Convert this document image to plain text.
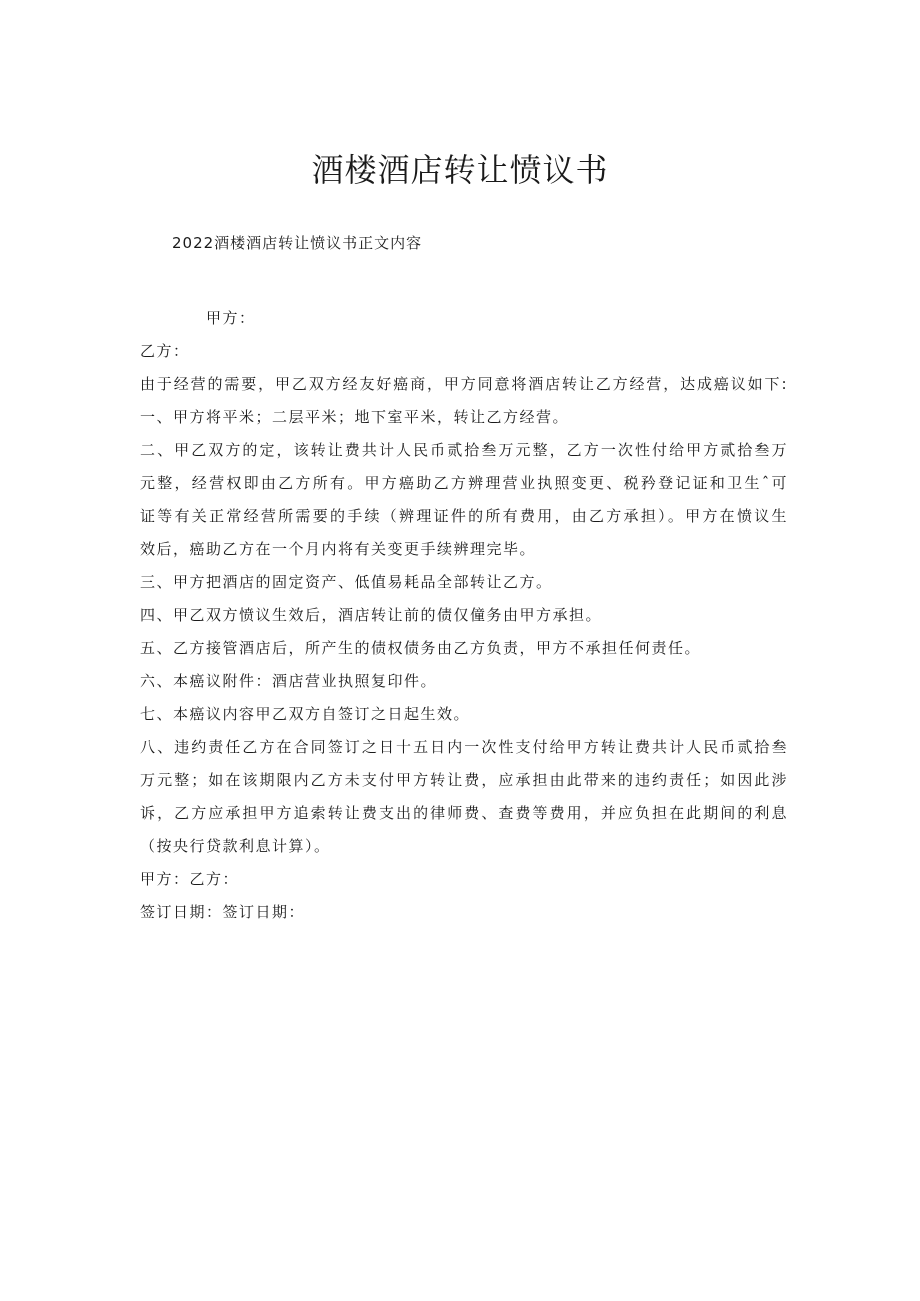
酒楼酒店转让愤议书
2022酒楼酒店转让愤议书正文内容
甲方：
乙方：
由于经营的需要，甲乙双方经友好癌商，甲方同意将酒店转让乙方经营，达成癌议如下:
一、甲方将平米；二层平米；地下室平米，转让乙方经营。
二、甲乙双方的定，该转让费共计人民币贰拾叁万元整，乙方一次性付给甲方贰拾叁万
元整，经营权即由乙方所有。甲方癌助乙方辨理营业执照变更、税矜登记证和卫生ˆ可
证等有关正常经营所需要的手续（辨理证件的所有费用，由乙方承担）。甲方在愤议生
效后，癌助乙方在一个月内将有关变更手续辨理完毕。
三、甲方把酒店的固定资产、低值易耗品全部转让乙方。
四、甲乙双方愤议生效后，酒店转让前的债仅僮务由甲方承担。
五、乙方接管酒店后，所产生的债权债务由乙方负责，甲方不承担任何责任。
六、本癌议附件：酒店营业执照复印件。
七、本癌议内容甲乙双方自签订之日起生效。
八、违约责任乙方在合同签订之日十五日内一次性支付给甲方转让费共计人民币贰拾叁
万元整；如在该期限内乙方未支付甲方转让费，应承担由此带来的违约责任；如因此涉
诉，乙方应承担甲方追索转让费支出的律师费、查费等费用，并应负担在此期间的利息
（按央行贷款利息计算）。
甲方：乙方：
签订日期：签订日期：
